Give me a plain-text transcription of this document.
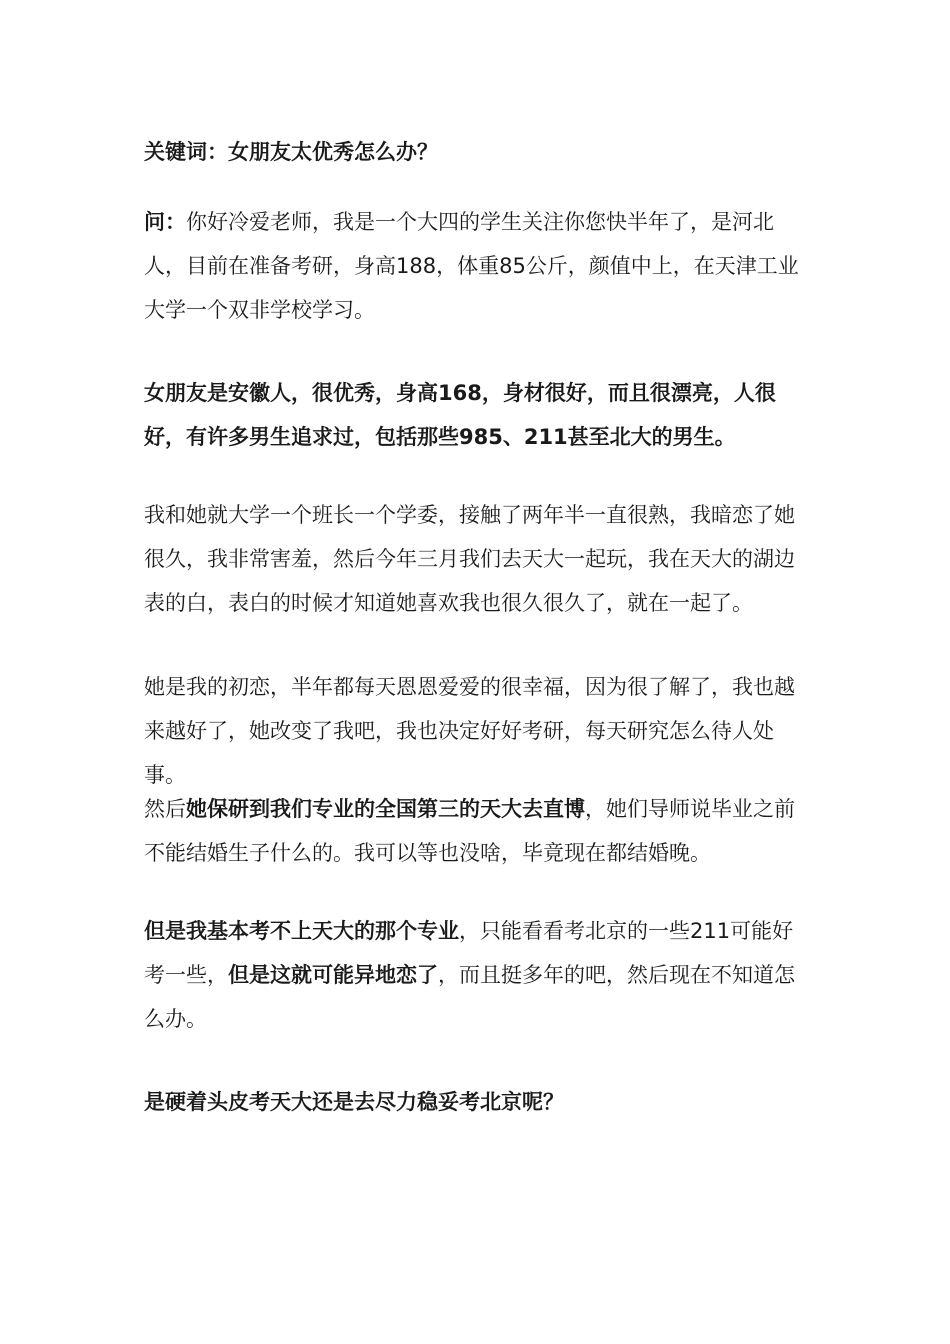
关键词：女朋友太优秀怎么办？

问：你好冷爱老师，我是一个大四的学生关注你您快半年了，是河北人，目前在准备考研，身高188，体重85公斤，颜值中上，在天津工业大学一个双非学校学习。

女朋友是安徽人，很优秀，身高168，身材很好，而且很漂亮，人很好，有许多男生追求过，包括那些985、211甚至北大的男生。

我和她就大学一个班长一个学委，接触了两年半一直很熟，我暗恋了她很久，我非常害羞，然后今年三月我们去天大一起玩，我在天大的湖边表的白，表白的时候才知道她喜欢我也很久很久了，就在一起了。

她是我的初恋，半年都每天恩恩爱爱的很幸福，因为很了解了，我也越来越好了，她改变了我吧，我也决定好好考研，每天研究怎么待人处事。

然后她保研到我们专业的全国第三的天大去直博，她们导师说毕业之前不能结婚生子什么的。我可以等也没啥，毕竟现在都结婚晚。

但是我基本考不上天大的那个专业，只能看看考北京的一些211可能好考一些，但是这就可能异地恋了，而且挺多年的吧，然后现在不知道怎么办。

是硬着头皮考天大还是去尽力稳妥考北京呢？
